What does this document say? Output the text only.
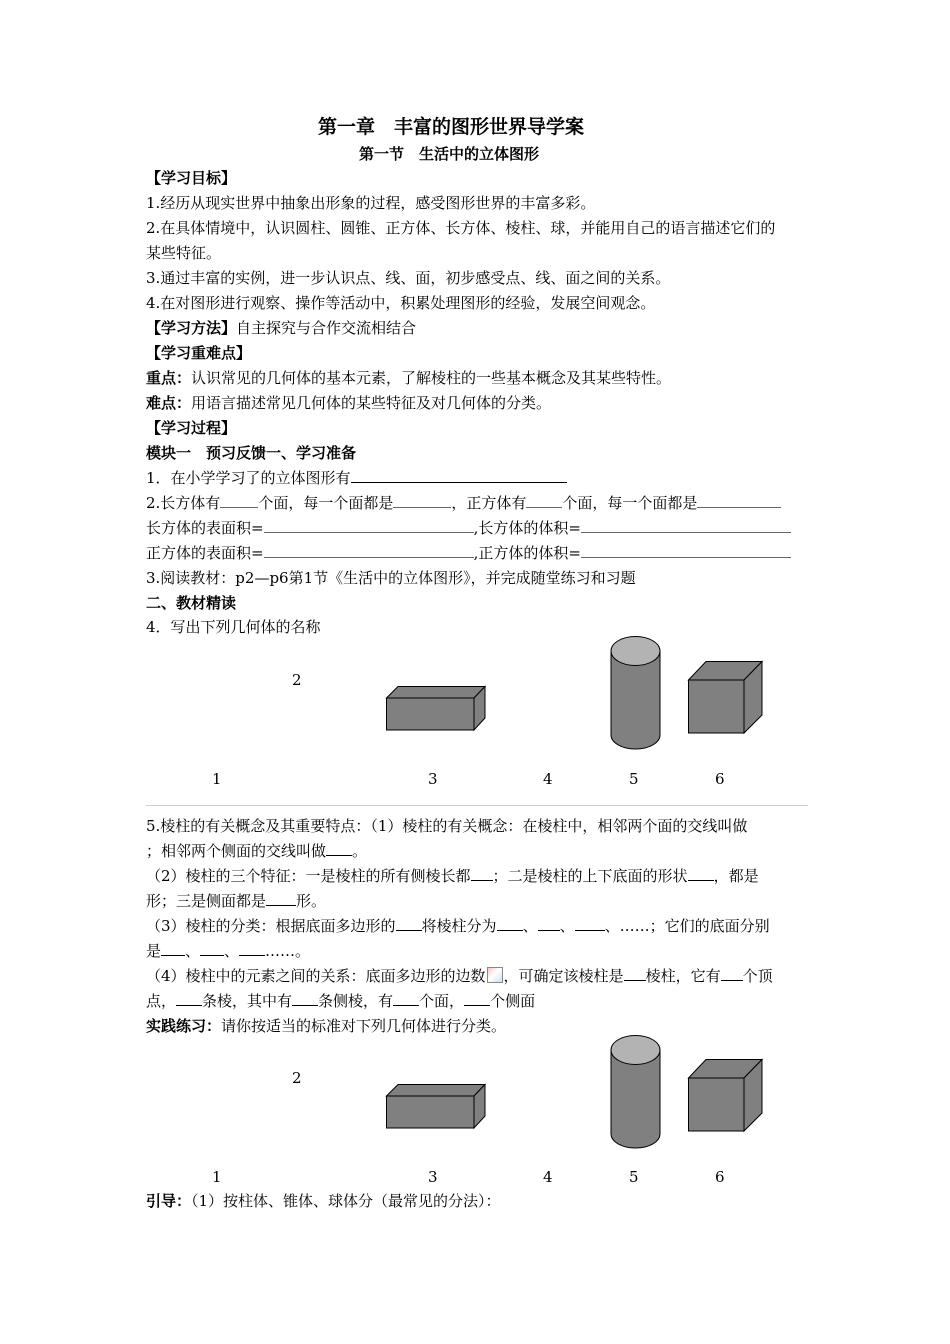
第一章　丰富的图形世界导学案
第一节　生活中的立体图形
【学习目标】
1.经历从现实世界中抽象出形象的过程，感受图形世界的丰富多彩。
2.在具体情境中，认识圆柱、圆锥、正方体、长方体、棱柱、球，并能用自己的语言描述它们的
某些特征。
3.通过丰富的实例，进一步认识点、线、面，初步感受点、线、面之间的关系。
4.在对图形进行观察、操作等活动中，积累处理图形的经验，发展空间观念。
【学习方法】自主探究与合作交流相结合
【学习重难点】
重点：认识常见的几何体的基本元素，了解棱柱的一些基本概念及其某些特性。
难点：用语言描述常见几何体的某些特征及对几何体的分类。
【学习过程】
模块一　预习反馈一、学习准备
1．在小学学习了的立体图形有
2.长方体有	个面，每一个面都是	，正方体有 个面，每一个面都是
长方体的表面积=	,长方体的体积=
正方体的表面积=	,正方体的体积=
3.阅读教材：p2—p6第1节《生活中的立体图形》，并完成随堂练习和习题
二、教材精读
4．写出下列几何体的名称
2
1	3	4	5	6
5.棱柱的有关概念及其重要特点：（1）棱柱的有关概念：在棱柱中，相邻两个面的交线叫做
；相邻两个侧面的交线叫做 。
（2）棱柱的三个特征：一是棱柱的所有侧棱长都 ；二是棱柱的上下底面的形状 ，都是
形；三是侧面都是 形。
（3）棱柱的分类：根据底面多边形的 将棱柱分为 、 、 、……；它们的底面分别
是 、 、 ……。
（4）棱柱中的元素之间的关系：底面多边形的边数 ，可确定该棱柱是 棱柱，它有 个顶
点， 条棱，其中有 条侧棱，有 个面， 个侧面
实践练习：请你按适当的标准对下列几何体进行分类。
2
1	3	4	5	6
引导：（1）按柱体、锥体、球体分（最常见的分法）：
